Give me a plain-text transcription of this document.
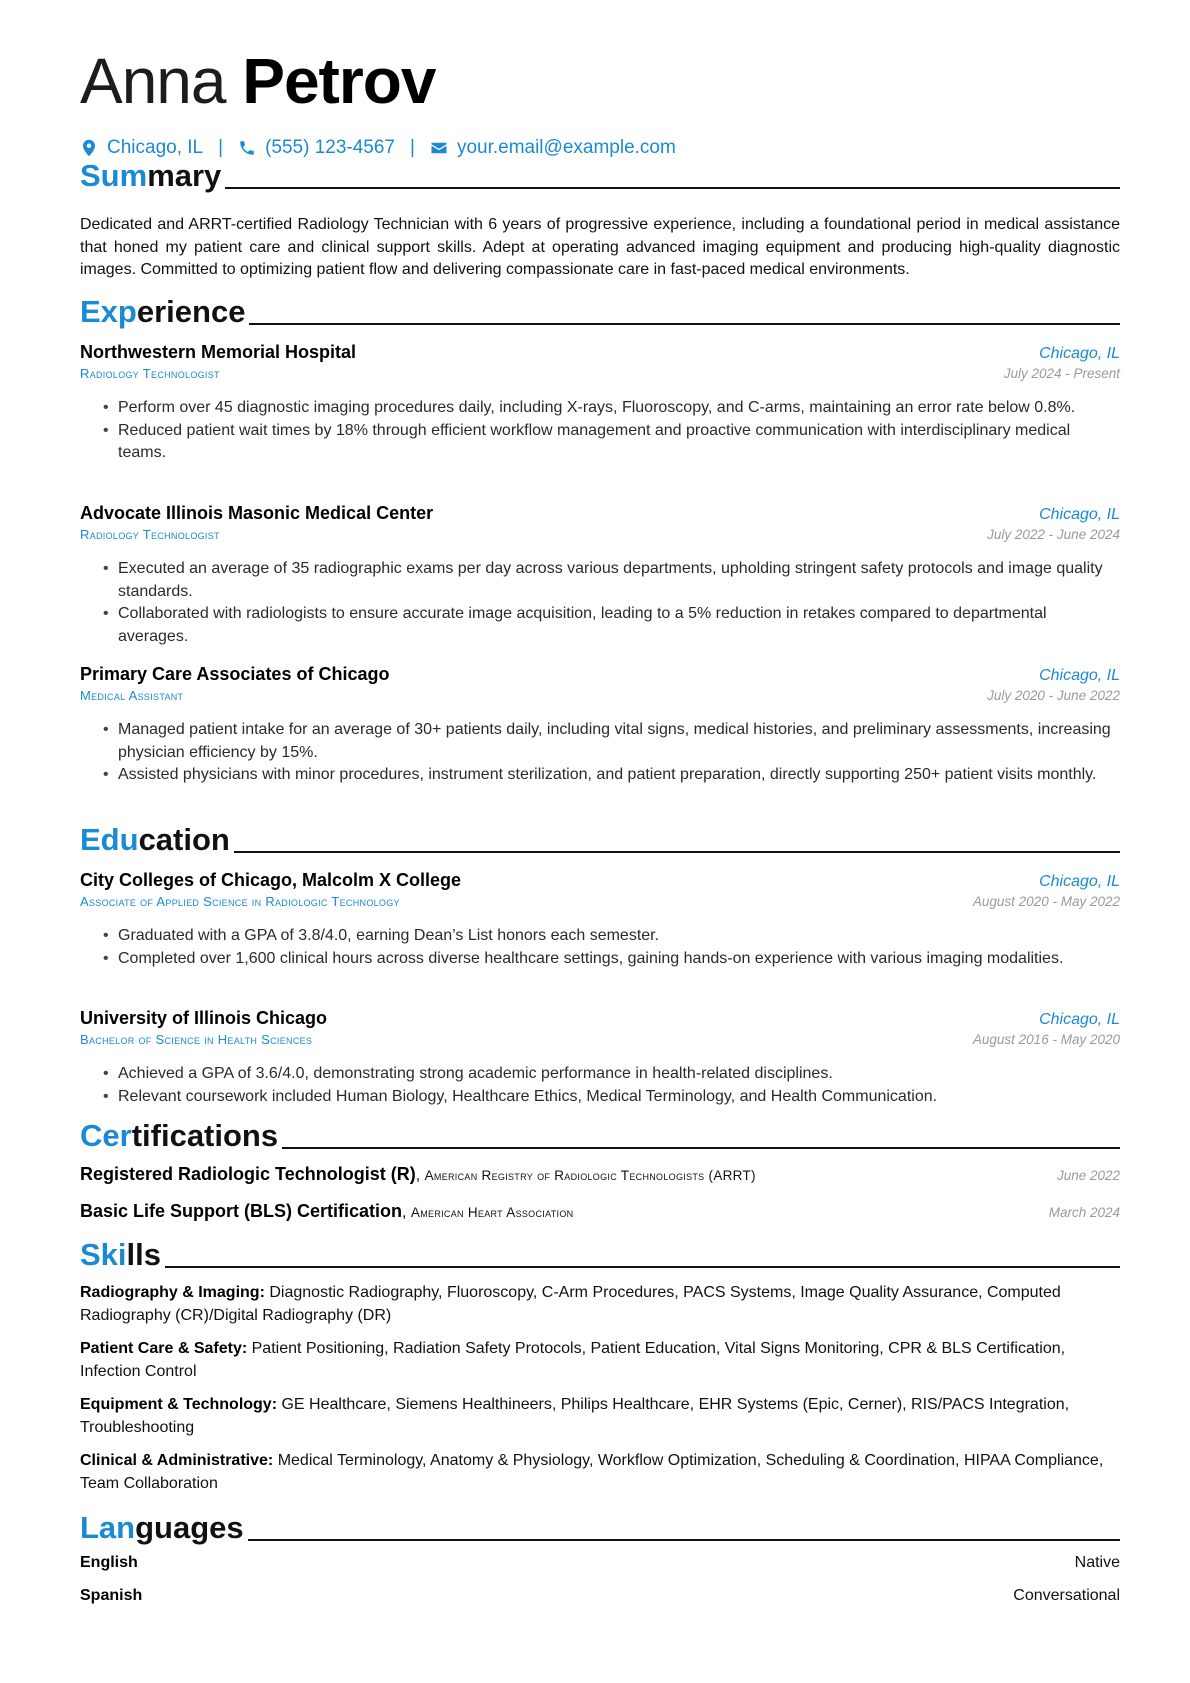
Anna Petrov
Chicago, IL | (555) 123-4567 | your.email@example.com
Summary
Dedicated and ARRT-certified Radiology Technician with 6 years of progressive experience, including a foundational period in medical assistance that honed my patient care and clinical support skills. Adept at operating advanced imaging equipment and producing high-quality diagnostic images. Committed to optimizing patient flow and delivering compassionate care in fast-paced medical environments.
Experience
Northwestern Memorial Hospital	Chicago, IL
Radiology Technologist	July 2024 - Present
• Perform over 45 diagnostic imaging procedures daily, including X-rays, Fluoroscopy, and C-arms, maintaining an error rate below 0.8%.
• Reduced patient wait times by 18% through efficient workflow management and proactive communication with interdisciplinary medical teams.
Advocate Illinois Masonic Medical Center	Chicago, IL
Radiology Technologist	July 2022 - June 2024
• Executed an average of 35 radiographic exams per day across various departments, upholding stringent safety protocols and image quality standards.
• Collaborated with radiologists to ensure accurate image acquisition, leading to a 5% reduction in retakes compared to departmental averages.
Primary Care Associates of Chicago	Chicago, IL
Medical Assistant	July 2020 - June 2022
• Managed patient intake for an average of 30+ patients daily, including vital signs, medical histories, and preliminary assessments, increasing physician efficiency by 15%.
• Assisted physicians with minor procedures, instrument sterilization, and patient preparation, directly supporting 250+ patient visits monthly.
Education
City Colleges of Chicago, Malcolm X College	Chicago, IL
Associate of Applied Science in Radiologic Technology	August 2020 - May 2022
• Graduated with a GPA of 3.8/4.0, earning Dean’s List honors each semester.
• Completed over 1,600 clinical hours across diverse healthcare settings, gaining hands-on experience with various imaging modalities.
University of Illinois Chicago	Chicago, IL
Bachelor of Science in Health Sciences	August 2016 - May 2020
• Achieved a GPA of 3.6/4.0, demonstrating strong academic performance in health-related disciplines.
• Relevant coursework included Human Biology, Healthcare Ethics, Medical Terminology, and Health Communication.
Certifications
Registered Radiologic Technologist (R), American Registry of Radiologic Technologists (ARRT)	June 2022
Basic Life Support (BLS) Certification, American Heart Association	March 2024
Skills
Radiography & Imaging: Diagnostic Radiography, Fluoroscopy, C-Arm Procedures, PACS Systems, Image Quality Assurance, Computed Radiography (CR)/Digital Radiography (DR)
Patient Care & Safety: Patient Positioning, Radiation Safety Protocols, Patient Education, Vital Signs Monitoring, CPR & BLS Certification, Infection Control
Equipment & Technology: GE Healthcare, Siemens Healthineers, Philips Healthcare, EHR Systems (Epic, Cerner), RIS/PACS Integration, Troubleshooting
Clinical & Administrative: Medical Terminology, Anatomy & Physiology, Workflow Optimization, Scheduling & Coordination, HIPAA Compliance, Team Collaboration
Languages
English	Native
Spanish	Conversational
